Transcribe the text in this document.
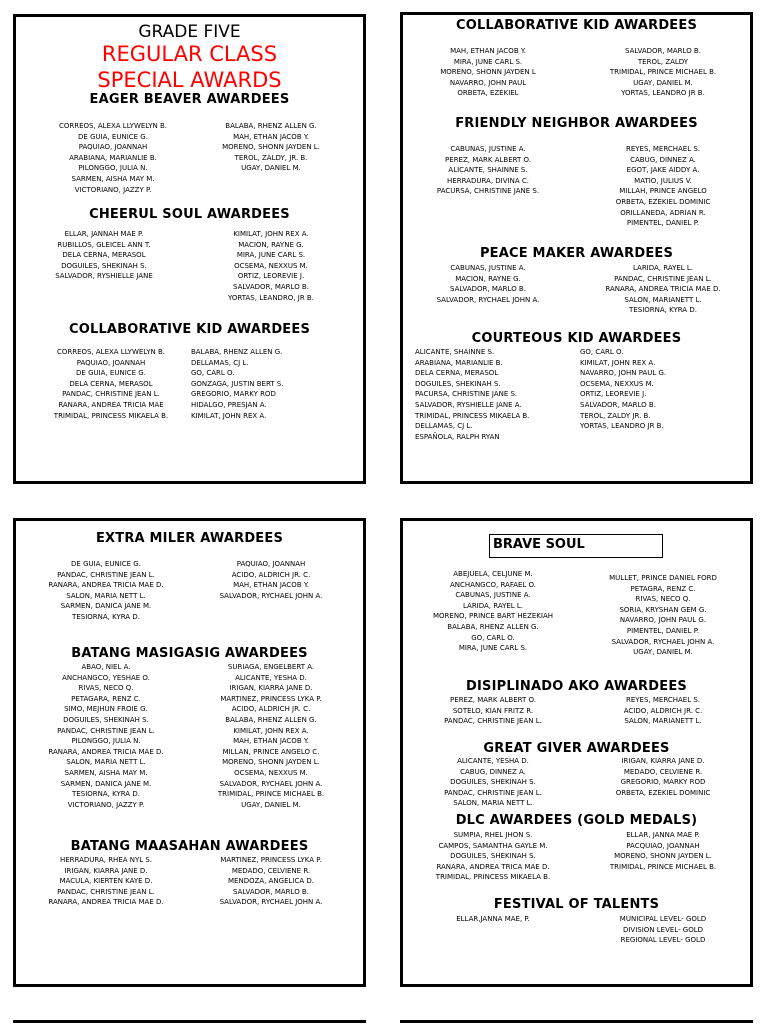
GRADE FIVE
REGULAR CLASS
SPECIAL AWARDS
EAGER BEAVER AWARDEES
CORREOS, ALEXA LLYWELYN B.
DE GUIA, EUNICE G.
PAQUIAO, JOANNAH
ARABIANA, MARIANLIE B.
PILONGGO, JULIA N.
SARMEN, AISHA MAY M.
VICTORIANO, JAZZY P.
BALABA, RHENZ ALLEN G.
MAH, ETHAN JACOB Y.
MORENO, SHONN JAYDEN L.
TEROL, ZALDY, JR. B.
UGAY, DANIEL M.
CHEERUL SOUL AWARDEES
ELLAR, JANNAH MAE P.
RUBILLOS, GLEICEL ANN T.
DELA CERNA, MERASOL
DOGUILES, SHEKINAH S.
SALVADOR, RYSHIELLE JANE
KIMILAT, JOHN REX A.
MACION, RAYNE G.
MIRA, JUNE CARL S.
OCSEMA, NEXXUS M.
ORTIZ, LEOREVIE J.
SALVADOR, MARLO B.
YORTAS, LEANDRO, JR B.
COLLABORATIVE KID AWARDEES
CORREOS, ALEXA LLYWELYN B.
PAQUIAO, JOANNAH
DE GUIA, EUNICE G.
DELA CERNA, MERASOL
PANDAC, CHRISTINE JEAN L.
RANARA, ANDREA TRICIA MAE
TRIMIDAL, PRINCESS MIKAELA B.
BALABA, RHENZ ALLEN G.
DELLAMAS, CJ L.
GO, CARL O.
GONZAGA, JUSTIN BERT S.
GREGORIO, MARKY ROD
HIDALGO, PRESJAN A.
KIMILAT, JOHN REX A.
COLLABORATIVE KID AWARDEES
MAH, ETHAN JACOB Y.
MIRA, JUNE CARL S.
MORENO, SHONN JAYDEN L
NAVARRO, JOHN PAUL
ORBETA, EZEKIEL
SALVADOR, MARLO B.
TEROL, ZALDY
TRIMIDAL, PRINCE MICHAEL B.
UGAY, DANIEL M.
YORTAS, LEANDRO JR B.
FRIENDLY NEIGHBOR AWARDEES
CABUNAS, JUSTINE A.
PEREZ, MARK ALBERT O.
ALICANTE, SHAINNE S.
HERRADURA, DIVINA C.
PACURSA, CHRISTINE JANE S.
REYES, MERCHAEL S.
CABUG, DINNEZ A.
EGOT, JAKE AIDDY A.
MATIO, JULIUS V.
MILLAH, PRINCE ANGELO
ORBETA, EZEKIEL DOMINIC
ORILLANEDA, ADRIAN R.
PIMENTEL, DANIEL P.
PEACE MAKER AWARDEES
CABUNAS, JUSTINE A.
MACION, RAYNE G.
SALVADOR, MARLO B.
SALVADOR, RYCHAEL JOHN A.
LARIDA, RAYEL L.
PANDAC, CHRISTINE JEAN L.
RANARA, ANDREA TRICIA MAE D.
SALON, MARIANETT L.
TESIORNA, KYRA D.
COURTEOUS KID AWARDEES
ALICANTE, SHAINNE S.
ARABIANA, MARIANLIE B.
DELA CERNA, MERASOL
DOGUILES, SHEKINAH S.
PACURSA, CHRISTINE JANE S.
SALVADOR, RYSHIELLE JANE A.
TRIMIDAL, PRINCESS MIKAELA B.
DELLAMAS, CJ L.
ESPAÑOLA, RALPH RYAN
GO, CARL O.
KIMILAT, JOHN REX A.
NAVARRO, JOHN PAUL G.
OCSEMA, NEXXUS M.
ORTIZ, LEOREVIE J.
SALVADOR, MARLO B.
TEROL, ZALDY JR. B.
YORTAS, LEANDRO JR B.
EXTRA MILER AWARDEES
DE GUIA, EUNICE G.
PANDAC, CHRISTINE JEAN L.
RANARA, ANDREA TRICIA MAE D.
SALON, MARIA NETT L.
SARMEN, DANICA JANE M.
TESIORNA, KYRA D.
PAQUIAO, JOANNAH
ACIDO, ALDRICH JR. C.
MAH, ETHAN JACOB Y.
SALVADOR, RYCHAEL JOHN A.
BATANG MASIGASIG AWARDEES
ABAO, NIEL A.
ANCHANGCO, YESHAE O.
RIVAS, NECO Q.
PETAGARA, RENZ C.
SIMO, MEJHUN FROIE G.
DOGUILES, SHEKINAH S.
PANDAC, CHRISTINE JEAN L.
PILONGGO, JULIA N.
RANARA, ANDREA TRICIA MAE D.
SALON, MARIA NETT L.
SARMEN, AISHA MAY M.
SARMEN, DANICA JANE M.
TESIORNA, KYRA D.
VICTORIANO, JAZZY P.
SURIAGA, ENGELBERT A.
ALICANTE, YESHA D.
IRIGAN, KIARRA JANE D.
MARTINEZ, PRINCESS LYKA P.
ACIDO, ALDRICH JR. C.
BALABA, RHENZ ALLEN G.
KIMILAT, JOHN REX A.
MAH, ETHAN JACOB Y.
MILLAN, PRINCE ANGELO C.
MORENO, SHONN JAYDEN L.
OCSEMA, NEXXUS M.
SALVADOR, RYCHAEL JOHN A.
TRIMIDAL, PRINCE MICHAEL B.
UGAY, DANIEL M.
BATANG MAASAHAN AWARDEES
HERRADURA, RHEA NYL S.
IRIGAN, KIARRA JANE D.
MACULA, KIERTEN KAYE D.
PANDAC, CHRISTINE JEAN L.
RANARA, ANDREA TRICIA MAE D.
MARTINEZ, PRINCESS LYKA P.
MEDADO, CELVIENE R.
MENDOZA, ANGELICA D.
SALVADOR, MARLO B.
SALVADOR, RYCHAEL JOHN A.
BRAVE SOUL
ABEJUELA, CELJUNE M.
ANCHANGCO, RAFAEL O.
CABUNAS, JUSTINE A.
LARIDA, RAYEL L.
MORENO, PRINCE BART HEZEKIAH
BALABA, RHENZ ALLEN G.
GO, CARL O.
MIRA, JUNE CARL S.
MULLET, PRINCE DANIEL FORD
PETAGRA, RENZ C.
RIVAS, NECO Q.
SORIA, KRYSHAN GEM G.
NAVARRO, JOHN PAUL G.
PIMENTEL, DANIEL P.
SALVADOR, RYCHAEL JOHN A.
UGAY, DANIEL M.
DISIPLINADO AKO AWARDEES
PEREZ, MARK ALBERT O.
SOTELO, KIAN FRITZ R.
PANDAC, CHRISTINE JEAN L.
REYES, MERCHAEL S.
ACIDO, ALDRICH JR. C.
SALON, MARIANETT L.
GREAT GIVER AWARDEES
ALICANTE, YESHA D.
CABUG, DINNEZ A.
DOGUILES, SHEKINAH S.
PANDAC, CHRISTINE JEAN L.
SALON, MARIA NETT L.
IRIGAN, KIARRA JANE D.
MEDADO, CELVIENE R.
GREGORIO, MARKY ROD
ORBETA, EZEKIEL DOMINIC
DLC AWARDEES (GOLD MEDALS)
SUMPIA, RHEL JHON S.
CAMPOS, SAMANTHA GAYLE M.
DOGUILES, SHEKINAH S.
RANARA, ANDREA TRICA MAE D.
TRIMIDAL, PRINCESS MIKAELA B.
ELLAR, JANNA MAE P.
PACQUIAO, JOANNAH
MORENO, SHONN JAYDEN L.
TRIMIDAL, PRINCE MICHAEL B.
FESTIVAL OF TALENTS
ELLAR,JANNA MAE, P.	MUNICIPAL LEVEL- GOLD
DIVISION LEVEL- GOLD
REGIONAL LEVEL- GOLD
